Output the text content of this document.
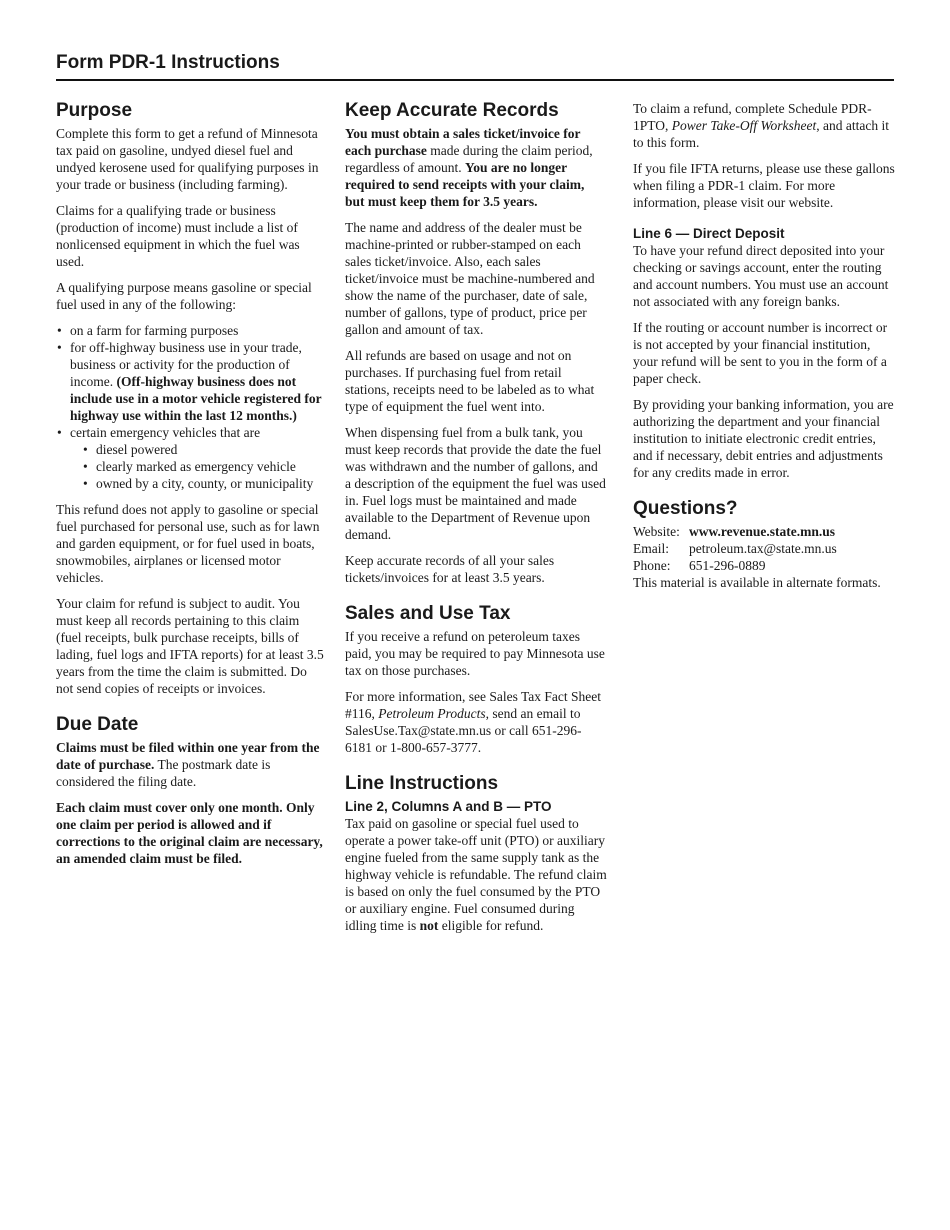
Form PDR-1 Instructions
Purpose

Complete this form to get a refund of Minnesota tax paid on gasoline, undyed diesel fuel and undyed kerosene used for qualifying purposes in your trade or business (including farming).

Claims for a qualifying trade or business (production of income) must include a list of nonlicensed equipment in which the fuel was used.

A qualifying purpose means gasoline or special fuel used in any of the following:

• on a farm for farming purposes
• for off-highway business use in your trade, business or activity for the production of income. (Off-highway business does not include use in a motor vehicle registered for highway use within the last 12 months.)
• certain emergency vehicles that are
• diesel powered
• clearly marked as emergency vehicle
• owned by a city, county, or municipality

This refund does not apply to gasoline or special fuel purchased for personal use, such as for lawn and garden equipment, or for fuel used in boats, snowmobiles, airplanes or licensed motor vehicles.

Your claim for refund is subject to audit. You must keep all records pertaining to this claim (fuel receipts, bulk purchase receipts, bills of lading, fuel logs and IFTA reports) for at least 3.5 years from the time the claim is submitted. Do not send copies of receipts or invoices.

Due Date

Claims must be filed within one year from the date of purchase. The postmark date is considered the filing date.

Each claim must cover only one month. Only one claim per period is allowed and if corrections to the original claim are necessary, an amended claim must be filed.

Keep Accurate Records

You must obtain a sales ticket/invoice for each purchase made during the claim period, regardless of amount. You are no longer required to send receipts with your claim, but must keep them for 3.5 years.

The name and address of the dealer must be machine-printed or rubber-stamped on each sales ticket/invoice. Also, each sales ticket/invoice must be machine-numbered and show the name of the purchaser, date of sale, number of gallons, type of product, price per gallon and amount of tax.

All refunds are based on usage and not on purchases. If purchasing fuel from retail stations, receipts need to be labeled as to what type of equipment the fuel went into.

When dispensing fuel from a bulk tank, you must keep records that provide the date the fuel was withdrawn and the number of gallons, and a description of the equipment the fuel was used in. Fuel logs must be maintained and made available to the Department of Revenue upon demand.

Keep accurate records of all your sales tickets/invoices for at least 3.5 years.

Sales and Use Tax

If you receive a refund on peteroleum taxes paid, you may be required to pay Minnesota use tax on those purchases.

For more information, see Sales Tax Fact Sheet #116, Petroleum Products, send an email to SalesUse.Tax@state.mn.us or call 651-296-6181 or 1-800-657-3777.

Line Instructions
Line 2, Columns A and B — PTO

Tax paid on gasoline or special fuel used to operate a power take-off unit (PTO) or auxiliary engine fueled from the same supply tank as the highway vehicle is refundable. The refund claim is based on only the fuel consumed by the PTO or auxiliary engine. Fuel consumed during idling time is not eligible for refund.

To claim a refund, complete Schedule PDR-1PTO, Power Take-Off Worksheet, and attach it to this form.

If you file IFTA returns, please use these gallons when filing a PDR-1 claim. For more information, please visit our website.

Line 6 — Direct Deposit

To have your refund direct deposited into your checking or savings account, enter the routing and account numbers. You must use an account not associated with any foreign banks.

If the routing or account number is incorrect or is not accepted by your financial institution, your refund will be sent to you in the form of a paper check.

By providing your banking information, you are authorizing the department and your financial institution to initiate electronic credit entries, and if necessary, debit entries and adjustments for any credits made in error.

Questions?
Website: www.revenue.state.mn.us
Email:	petroleum.tax@state.mn.us
Phone:	651-296-0889

This material is available in alternate formats.
